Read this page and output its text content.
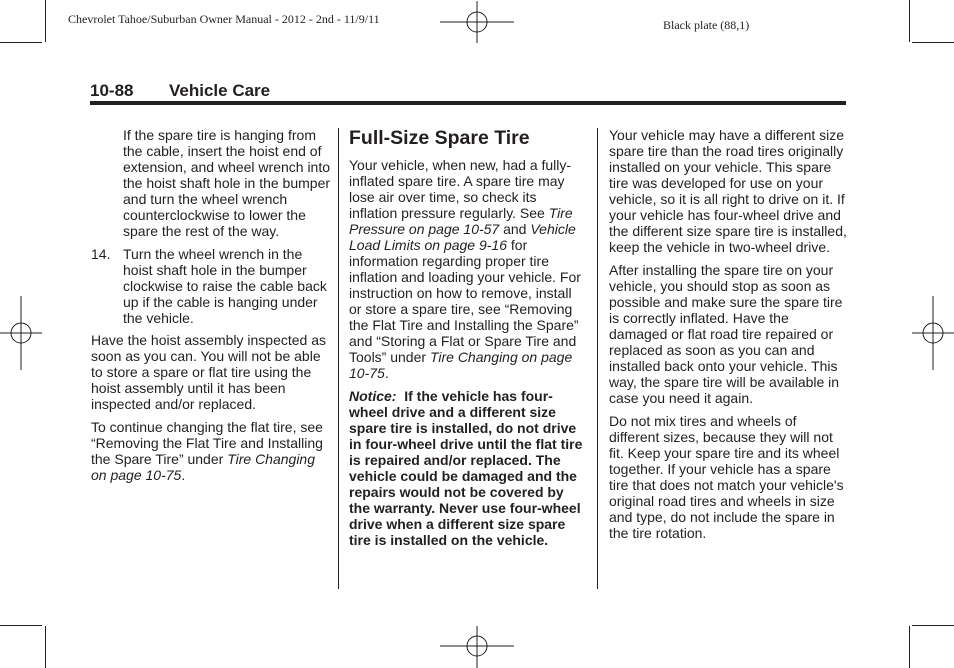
Chevrolet Tahoe/Suburban Owner Manual - 2012 - 2nd - 11/9/11	Black plate (88,1)
10-88 Vehicle Care

If the spare tire is hanging from the cable, insert the hoist end of extension, and wheel wrench into the hoist shaft hole in the bumper and turn the wheel wrench counterclockwise to lower the spare the rest of the way.

14. Turn the wheel wrench in the hoist shaft hole in the bumper clockwise to raise the cable back up if the cable is hanging under the vehicle.

Have the hoist assembly inspected as soon as you can. You will not be able to store a spare or flat tire using the hoist assembly until it has been inspected and/or replaced.

To continue changing the flat tire, see “Removing the Flat Tire and Installing the Spare Tire” under Tire Changing on page 10-75.

Full-Size Spare Tire

Your vehicle, when new, had a fully-inflated spare tire. A spare tire may lose air over time, so check its inflation pressure regularly. See Tire Pressure on page 10-57 and Vehicle Load Limits on page 9-16 for information regarding proper tire inflation and loading your vehicle. For instruction on how to remove, install or store a spare tire, see “Removing the Flat Tire and Installing the Spare” and “Storing a Flat or Spare Tire and Tools” under Tire Changing on page 10-75.

Notice: If the vehicle has four-wheel drive and a different size spare tire is installed, do not drive in four-wheel drive until the flat tire is repaired and/or replaced. The vehicle could be damaged and the repairs would not be covered by the warranty. Never use four-wheel drive when a different size spare tire is installed on the vehicle.

Your vehicle may have a different size spare tire than the road tires originally installed on your vehicle. This spare tire was developed for use on your vehicle, so it is all right to drive on it. If your vehicle has four-wheel drive and the different size spare tire is installed, keep the vehicle in two-wheel drive.

After installing the spare tire on your vehicle, you should stop as soon as possible and make sure the spare tire is correctly inflated. Have the damaged or flat road tire repaired or replaced as soon as you can and installed back onto your vehicle. This way, the spare tire will be available in case you need it again.

Do not mix tires and wheels of different sizes, because they will not fit. Keep your spare tire and its wheel together. If your vehicle has a spare tire that does not match your vehicle's original road tires and wheels in size and type, do not include the spare in the tire rotation.
